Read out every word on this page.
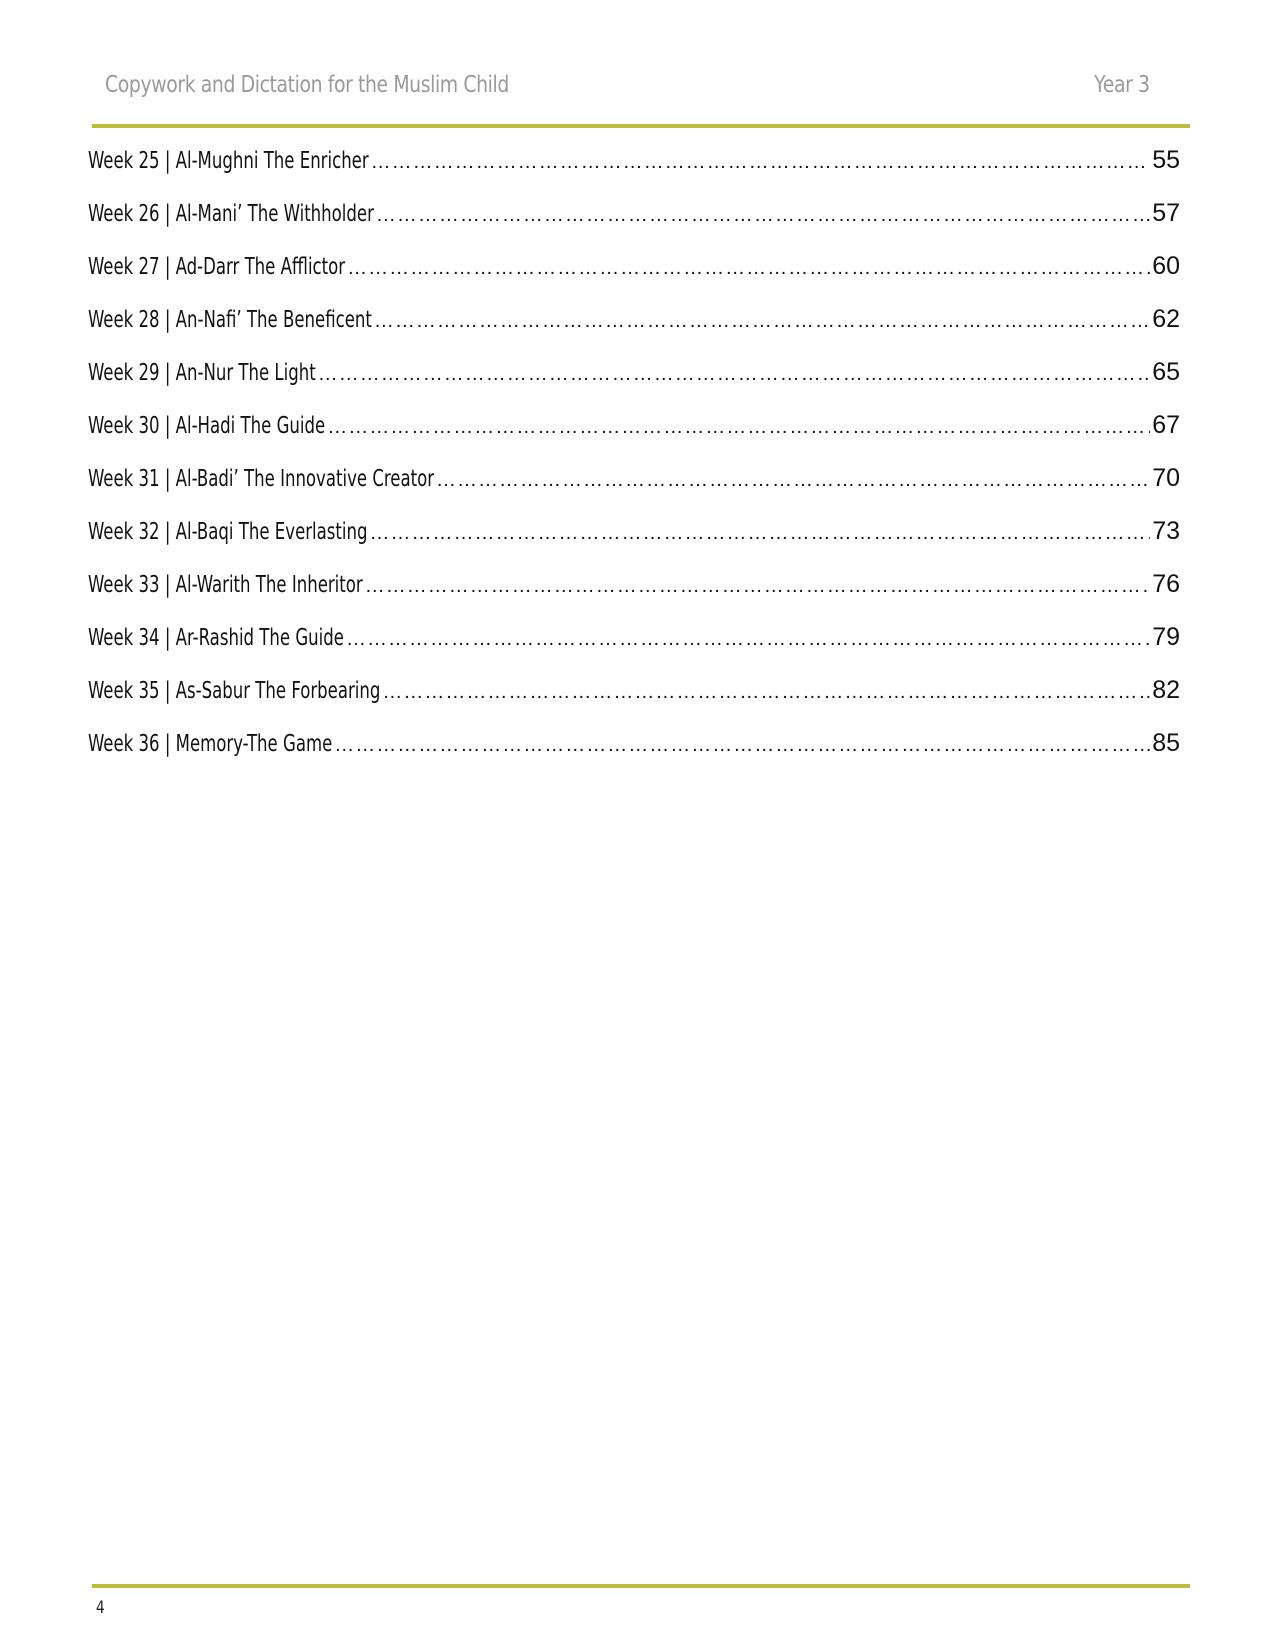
Copywork and Dictation for the Muslim Child	Year 3
Week 25 | Al-Mughni The Enricher …………………………………………………………………………………………………………………………………………………………………………………………………………………………	55
Week 26 | Al-Mani’ The Withholder …………………………………………………………………………………………………………………………………………………………………………………………………………………………	57
Week 27 | Ad-Darr The Afflictor …………………………………………………………………………………………………………………………………………………………………………………………………………………………	60
Week 28 | An-Nafi’ The Beneficent …………………………………………………………………………………………………………………………………………………………………………………………………………………………	62
Week 29 | An-Nur The Light …………………………………………………………………………………………………………………………………………………………………………………………………………………………	65
Week 30 | Al-Hadi The Guide …………………………………………………………………………………………………………………………………………………………………………………………………………………………	67
Week 31 | Al-Badi’ The Innovative Creator …………………………………………………………………………………………………………………………………………………………………………………………………………………………	70
Week 32 | Al-Baqi The Everlasting …………………………………………………………………………………………………………………………………………………………………………………………………………………………	73
Week 33 | Al-Warith The Inheritor …………………………………………………………………………………………………………………………………………………………………………………………………………………………	76
Week 34 | Ar-Rashid The Guide …………………………………………………………………………………………………………………………………………………………………………………………………………………………	79
Week 35 | As-Sabur The Forbearing …………………………………………………………………………………………………………………………………………………………………………………………………………………………	82
Week 36 | Memory-The Game …………………………………………………………………………………………………………………………………………………………………………………………………………………………	85
4
